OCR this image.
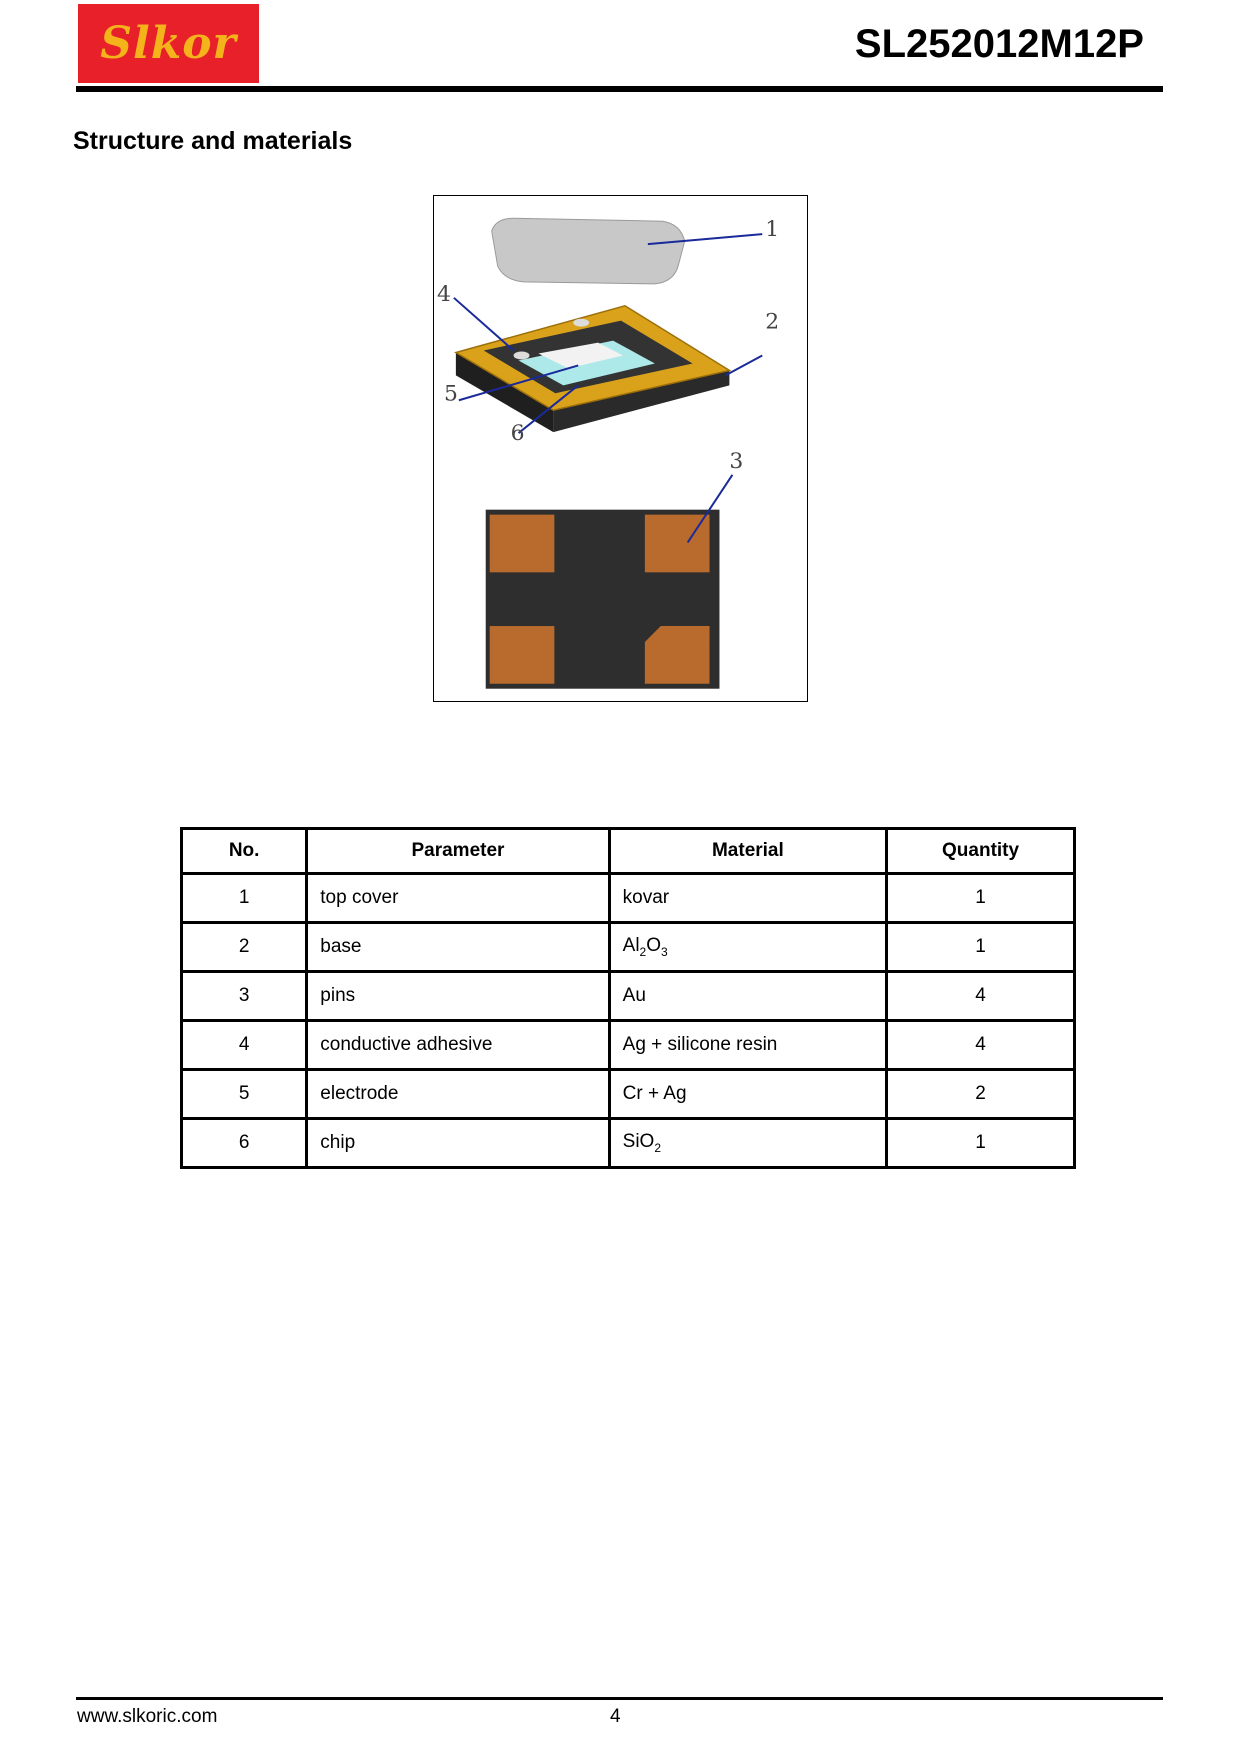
Slkor	SL252012M12P
Structure and materials
1
2
4
5
6
3
No.	Parameter	Material	Quantity
1	top cover	kovar	1
2	base	$Al_2O_3$	1
3	pins	Au	4
4	conductive adhesive	Ag + silicone resin	4
5	electrode	Cr + Ag	2
6	chip	SiO$_2$	1
www.slkoric.com	4
